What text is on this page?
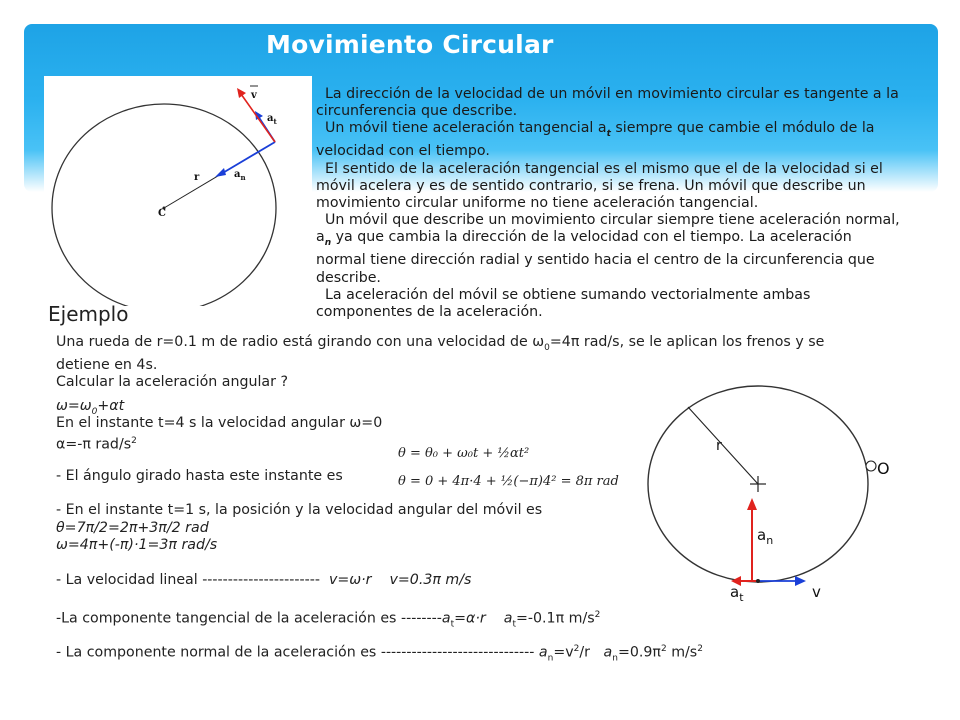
Movimiento Circular
v
$a_t$
$a_n$
r
C

La dirección de la velocidad de un móvil en movimiento circular es tangente a la circunferencia que describe.

Un móvil tiene aceleración tangencial $a_t$ siempre que cambie el módulo de la velocidad con el tiempo.

El sentido de la aceleración tangencial es el mismo que el de la velocidad si el móvil acelera y es de sentido contrario, si se frena. Un móvil que describe un movimiento circular uniforme no tiene aceleración tangencial.

Un móvil que describe un movimiento circular siempre tiene aceleración normal, $a_n$ ya que cambia la dirección de la velocidad con el tiempo. La aceleración normal tiene dirección radial y sentido hacia el centro de la circunferencia que describe.

La aceleración del móvil se obtiene sumando vectorialmente ambas componentes de la aceleración.

Ejemplo
Una rueda de r=0.1 m de radio está girando con una velocidad de $\omega_0=4\pi$ rad/s, se le aplican los frenos y se detiene en 4s.
Calcular la aceleración angular ?
$\omega=\omega_0+\alpha t$
En el instante t=4 s la velocidad angular ω=0
α=-π rad/$s^2$
- El ángulo girado hasta este instante es
- En el instante t=1 s, la posición y la velocidad angular del móvil es
θ=7π/2=2π+3π/2 rad
ω=4π+(-π)·1=3π rad/s
- La velocidad lineal -----------------------  v=ω·r    v=0.3π m/s
-La componente tangencial de la aceleración es $--------a_t=\alpha\cdot r$    $a_t=-0.1\pi$ $m/s^2$
- La componente normal de la aceleración es ------------------------------ $a_n=v^2/r$   $a_n=0.9\pi^2$ $m/s^2$
θ = θ₀ + ω₀t + ½αt²
θ = 0 + 4π·4 + ½(−π)4² = 8π rad
r
O
$a_n$
$a_t$	v
